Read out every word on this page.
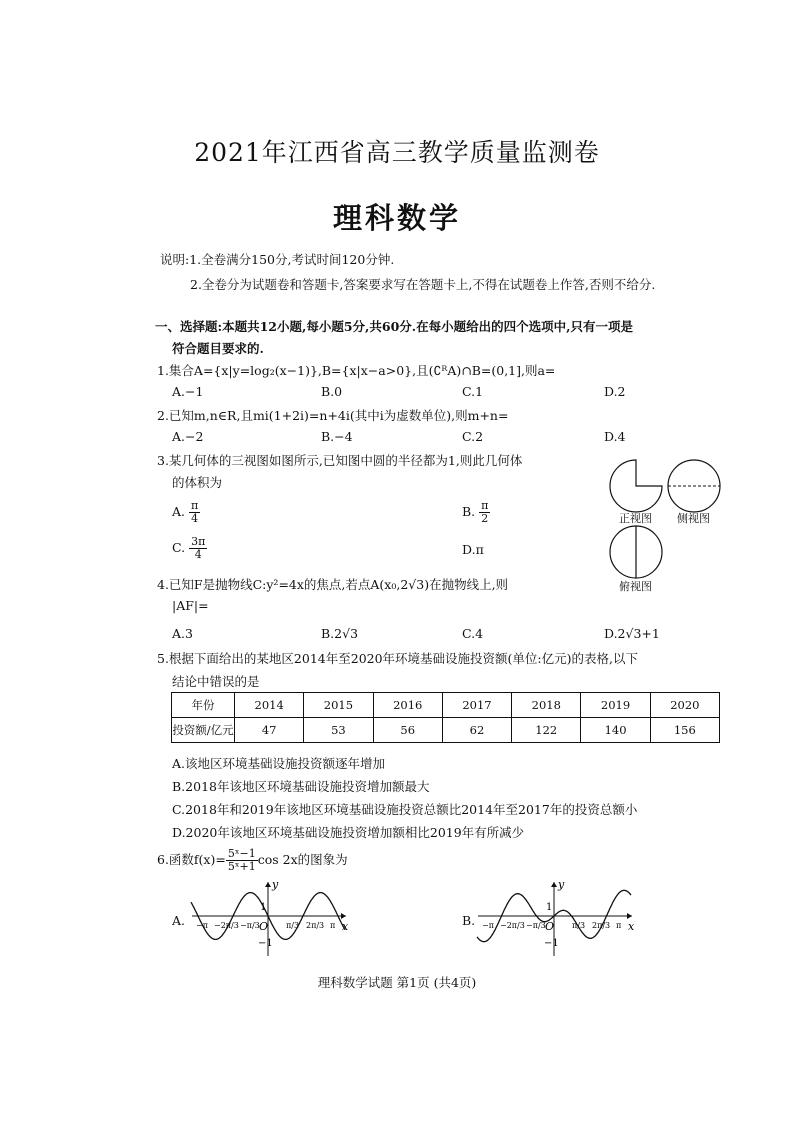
2021年江西省高三教学质量监测卷
理科数学
说明:1.全卷满分150分,考试时间120分钟.
2.全卷分为试题卷和答题卡,答案要求写在答题卡上,不得在试题卷上作答,否则不给分.
一、选择题:本题共12小题,每小题5分,共60分.在每小题给出的四个选项中,只有一项是
符合题目要求的.
1.集合A={x|y=log₂(x−1)},B={x|x−a>0},且(∁ᴿA)∩B=(0,1],则a=
A.−1	B.0	C.1	D.2
2.已知m,n∈R,且mi(1+2i)=n+4i(其中i为虚数单位),则m+n=
A.−2	B.−4	C.2	D.4
3.某几何体的三视图如图所示,已知图中圆的半径都为1,则此几何体
的体积为
A. $\frac{\pi}{4}$	B. $\frac{\pi}{2}$
C. $\frac{3\pi}{4}$	D.π
正视图 侧视图
俯视图
4.已知F是抛物线C:y²=4x的焦点,若点A(x₀,2√3)在抛物线上,则
|AF|=
A.3	B.2√3	C.4	D.2√3+1
5.根据下面给出的某地区2014年至2020年环境基础设施投资额(单位:亿元)的表格,以下
结论中错误的是
年份	2014	2015	2016	2017	2018	2019	2020
投资额/亿元	47	53	56	62	122	140	156
A.该地区环境基础设施投资额逐年增加
B.2018年该地区环境基础设施投资增加额最大
C.2018年和2019年该地区环境基础设施投资总额比2014年至2017年的投资总额小
D.2020年该地区环境基础设施投资增加额相比2019年有所减少
6.函数$f(x)= \frac{\text{5ˣ−1}}{\text{5ˣ+1}}$ cos 2x的图象为
A.
y
x
O
1
−1
−π −2π/3 −π/3	π/3 2π/3 π	B.
y
x
O
1
−1
−π −2π/3 −π/3	π/3 2π/3 π
理科数学试题 第1页 (共4页)
